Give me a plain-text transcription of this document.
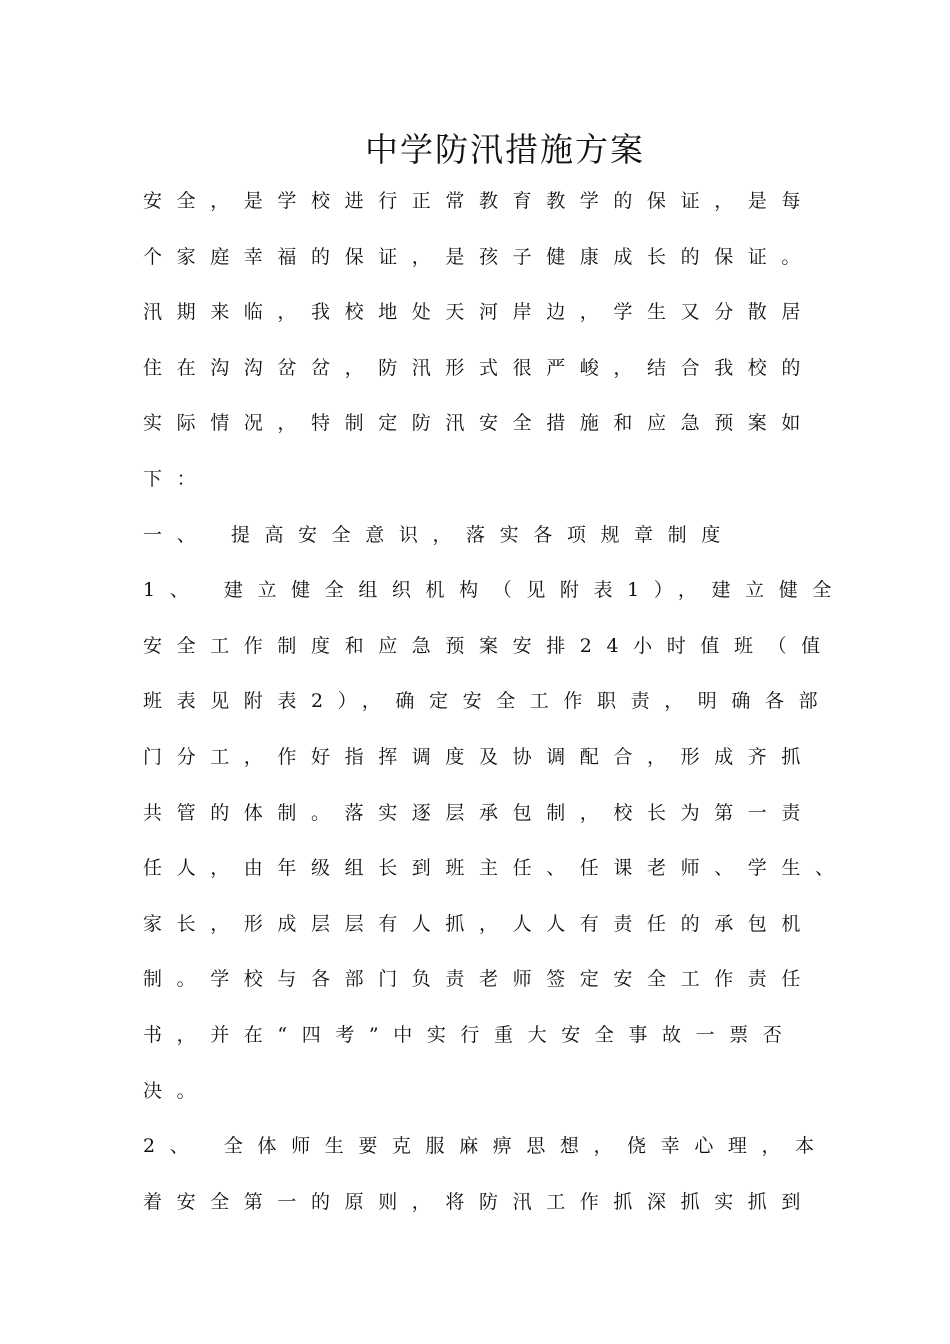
中学防汛措施方案
安全，是学校进行正常教育教学的保证，是每
个家庭幸福的保证，是孩子健康成长的保证。
汛期来临，我校地处天河岸边，学生又分散居
住在沟沟岔岔，防汛形式很严峻，结合我校的
实际情况，特制定防汛安全措施和应急预案如
下：
一、 提高安全意识，落实各项规章制度
1、 建立健全组织机构（见附表1），建立健全
安全工作制度和应急预案安排24小时值班（值
班表见附表2），确定安全工作职责，明确各部
门分工，作好指挥调度及协调配合，形成齐抓
共管的体制。落实逐层承包制，校长为第一责
任人，由年级组长到班主任、任课老师、学生、
家长，形成层层有人抓，人人有责任的承包机
制。学校与各部门负责老师签定安全工作责任
书，并在“四考”中实行重大安全事故一票否
决。
2、 全体师生要克服麻痹思想，侥幸心理，本
着安全第一的原则，将防汛工作抓深抓实抓到
